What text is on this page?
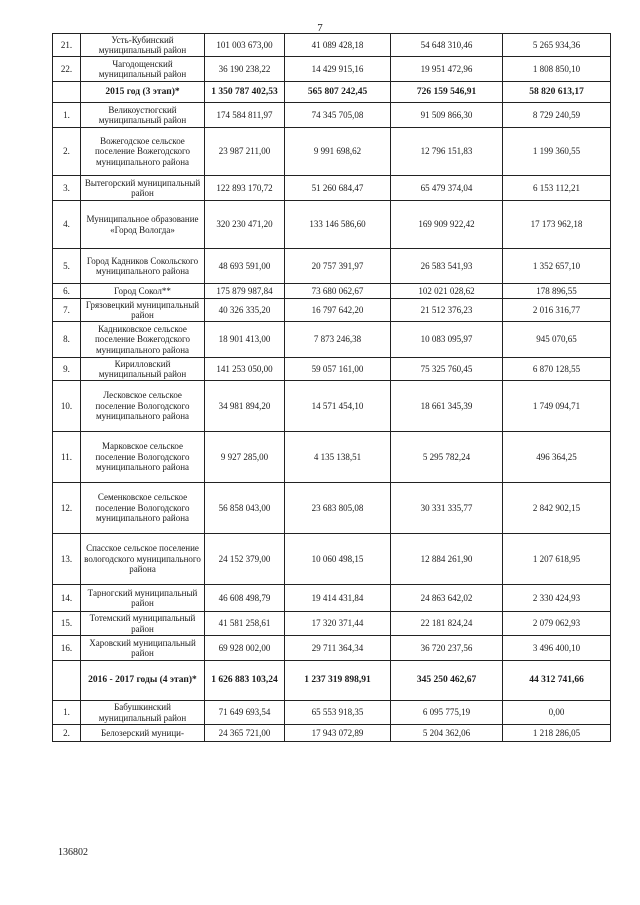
7
21.	Усть-Кубинский муниципальный район	101 003 673,00	41 089 428,18	54 648 310,46	5 265 934,36
22.	Чагодощенский муниципальный район	36 190 238,22	14 429 915,16	19 951 472,96	1 808 850,10
	2015 год (3 этап)*	1 350 787 402,53	565 807 242,45	726 159 546,91	58 820 613,17
1.	Великоустюгский муниципальный район	174 584 811,97	74 345 705,08	91 509 866,30	8 729 240,59
2.	Вожегодское сельское поселение Вожегодского муниципального района	23 987 211,00	9 991 698,62	12 796 151,83	1 199 360,55
3.	Вытегорский муниципальный район	122 893 170,72	51 260 684,47	65 479 374,04	6 153 112,21
4.	Муниципальное образование «Город Вологда»	320 230 471,20	133 146 586,60	169 909 922,42	17 173 962,18
5.	Город Кадников Сокольского муниципального района	48 693 591,00	20 757 391,97	26 583 541,93	1 352 657,10
6.	Город Сокол**	175 879 987,84	73 680 062,67	102 021 028,62	178 896,55
7.	Грязовецкий муниципальный район	40 326 335,20	16 797 642,20	21 512 376,23	2 016 316,77
8.	Кадниковское сельское поселение Вожегодского муниципального района	18 901 413,00	7 873 246,38	10 083 095,97	945 070,65
9.	Кирилловский муниципальный район	141 253 050,00	59 057 161,00	75 325 760,45	6 870 128,55
10.	Лесковское сельское поселение Вологодского муниципального района	34 981 894,20	14 571 454,10	18 661 345,39	1 749 094,71
11.	Марковское сельское поселение Вологодского муниципального района	9 927 285,00	4 135 138,51	5 295 782,24	496 364,25
12.	Семенковское сельское поселение Вологодского муниципального района	56 858 043,00	23 683 805,08	30 331 335,77	2 842 902,15
13.	Спасское сельское поселение вологодского муниципального района	24 152 379,00	10 060 498,15	12 884 261,90	1 207 618,95
14.	Тарногский муниципальный район	46 608 498,79	19 414 431,84	24 863 642,02	2 330 424,93
15.	Тотемский муниципальный район	41 581 258,61	17 320 371,44	22 181 824,24	2 079 062,93
16.	Харовский муниципальный район	69 928 002,00	29 711 364,34	36 720 237,56	3 496 400,10
	2016 - 2017 годы (4 этап)*	1 626 883 103,24	1 237 319 898,91	345 250 462,67	44 312 741,66
1.	Бабушкинский муниципальный район	71 649 693,54	65 553 918,35	6 095 775,19	0,00
2.	Белозерский муници-	24 365 721,00	17 943 072,89	5 204 362,06	1 218 286,05
136802
